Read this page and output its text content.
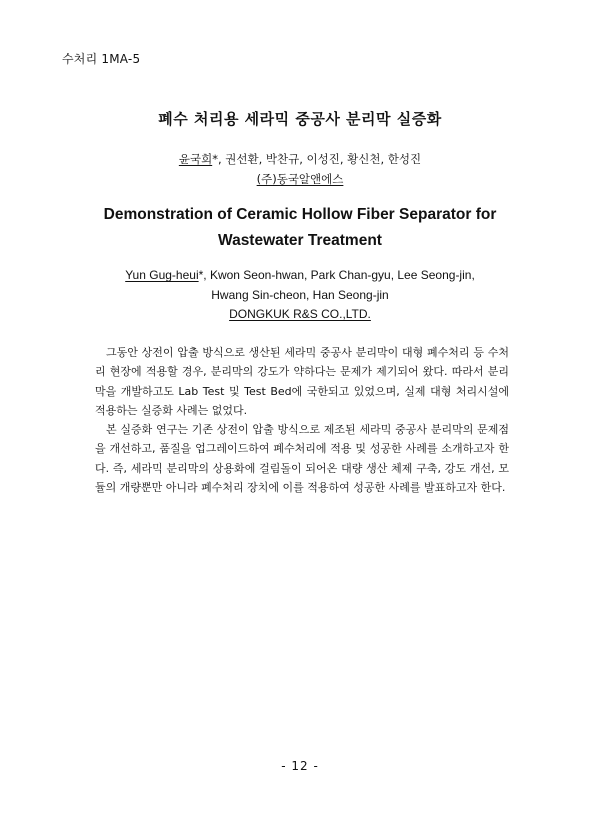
수처리 1MA-5
폐수 처리용 세라믹 중공사 분리막 실증화
윤국희*, 권선환, 박찬규, 이성진, 황신천, 한성진
(주)동국알앤에스
Demonstration of Ceramic Hollow Fiber Separator for
Wastewater Treatment
Yun Gug-heui*, Kwon Seon-hwan, Park Chan-gyu, Lee Seong-jin,
Hwang Sin-cheon, Han Seong-jin
DONGKUK R&S CO.,LTD.

그동안 상전이 압출 방식으로 생산된 세라믹 중공사 분리막이 대형 폐수처리 등 수처리 현장에 적용할 경우, 분리막의 강도가 약하다는 문제가 제기되어 왔다. 따라서 분리막을 개발하고도 Lab Test 및 Test Bed에 국한되고 있었으며, 실제 대형 처리시설에 적용하는 실증화 사례는 없었다.

본 실증화 연구는 기존 상전이 압출 방식으로 제조된 세라믹 중공사 분리막의 문제점을 개선하고, 품질을 업그레이드하여 폐수처리에 적용 및 성공한 사례를 소개하고자 한다. 즉, 세라믹 분리막의 상용화에 걸림돌이 되어온 대량 생산 체제 구축, 강도 개선, 모듈의 개량뿐만 아니라 폐수처리 장치에 이를 적용하여 성공한 사례를 발표하고자 한다.

- 12 -
